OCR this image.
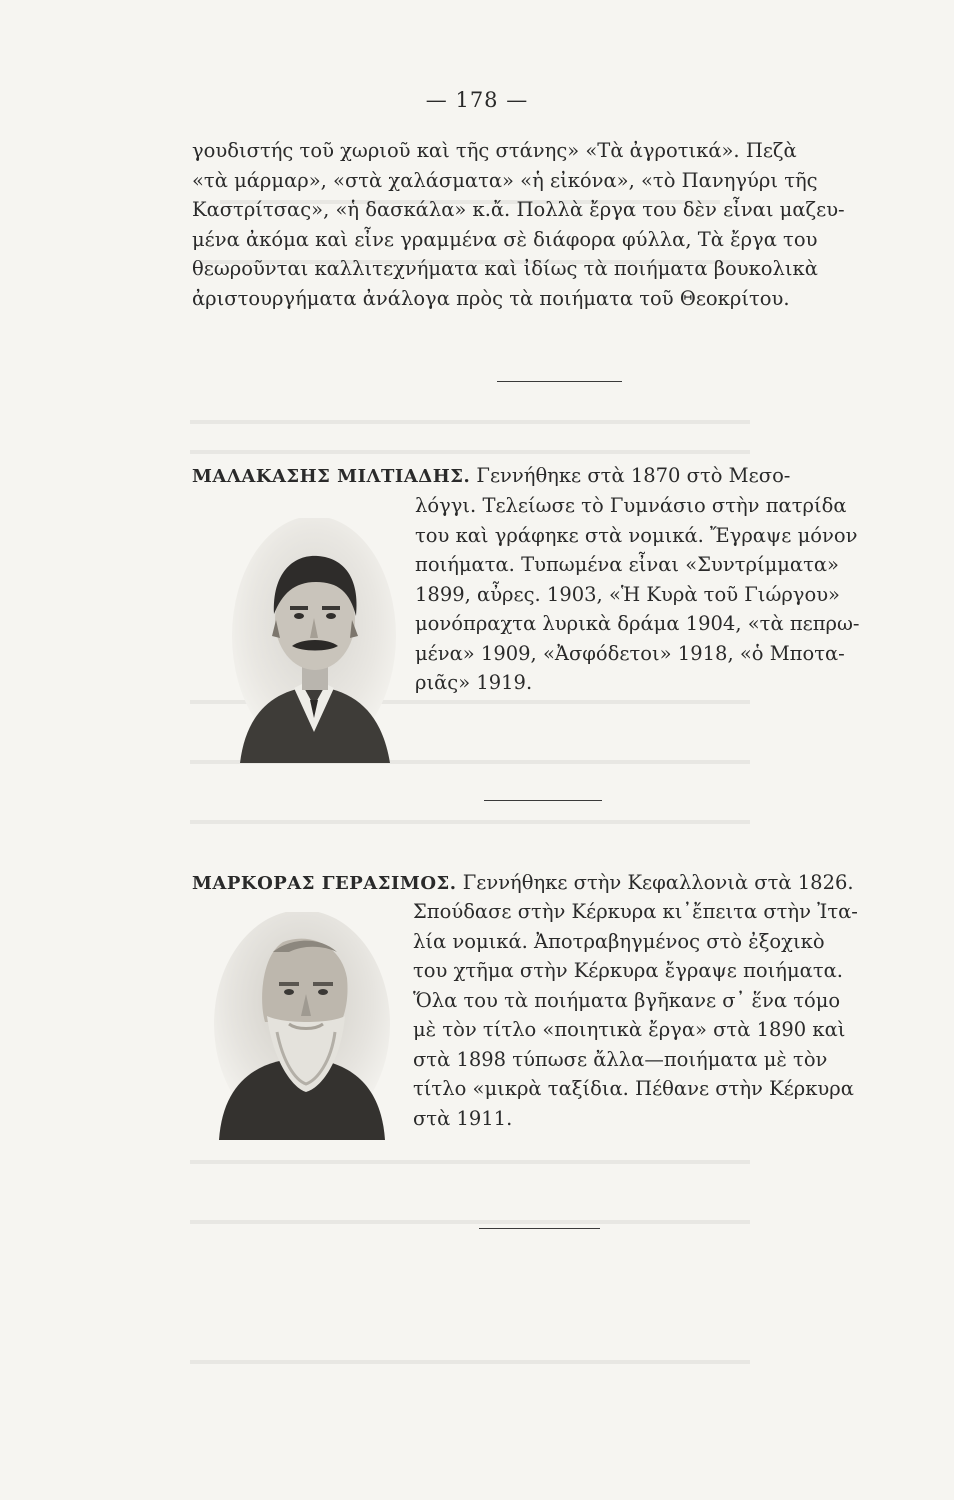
— 178 —

γουδιστής τοῦ χωριοῦ καὶ τῆς στάνης» «Τὰ ἀγροτικά». Πεζὰ
«τὰ μάρμαρ», «στὰ χαλάσματα» «ἡ εἰκόνα», «τὸ Πανηγύρι τῆς
Καστρίτσας», «ἡ δασκάλα» κ.ἄ. Πολλὰ ἔργα του δὲν εἶναι μαζευ-
μένα ἀκόμα καὶ εἶνε γραμμένα σὲ διάφορα φύλλα, Τὰ ἔργα του
θεωροῦνται καλλιτεχνήματα καὶ ἰδίως τὰ ποιήματα βουκολικὰ
ἀριστουργήματα ἀνάλογα πρὸς τὰ ποιήματα τοῦ Θεοκρίτου.

ΜΑΛΑΚΑΣΗΣ ΜΙΛΤΙΑΔΗΣ. Γεννήθηκε στὰ 1870 στὸ Μεσο-

λόγγι. Τελείωσε τὸ Γυμνάσιο στὴν πατρίδα
του καὶ γράφηκε στὰ νομικά. Ἔγραψε μόνον
ποιήματα. Τυπωμένα εἶναι «Συντρίμματα»
1899, αὖρες. 1903, «Ἡ Κυρὰ τοῦ Γιώργου»
μονόπραχτα λυρικὰ δράμα 1904, «τὰ πεπρω-
μένα» 1909, «Ἀσφόδετοι» 1918, «ὁ Μποτα-
ριᾶς» 1919.

ΜΑΡΚΟΡΑΣ ΓΕΡΑΣΙΜΟΣ. Γεννήθηκε στὴν Κεφαλλονιὰ στὰ 1826.

Σπούδασε στὴν Κέρκυρα κι᾽ἔπειτα στὴν Ἰτα-
λία νομικά. Ἀποτραβηγμένος στὸ ἐξοχικὸ
του χτῆμα στὴν Κέρκυρα ἔγραψε ποιήματα.
Ὅλα του τὰ ποιήματα βγῆκανε σ᾽ ἕνα τόμο
μὲ τὸν τίτλο «ποιητικὰ ἔργα» στὰ 1890 καὶ
στὰ 1898 τύπωσε ἄλλα—ποιήματα μὲ τὸν
τίτλο «μικρὰ ταξίδια. Πέθανε στὴν Κέρκυρα
στὰ 1911.
